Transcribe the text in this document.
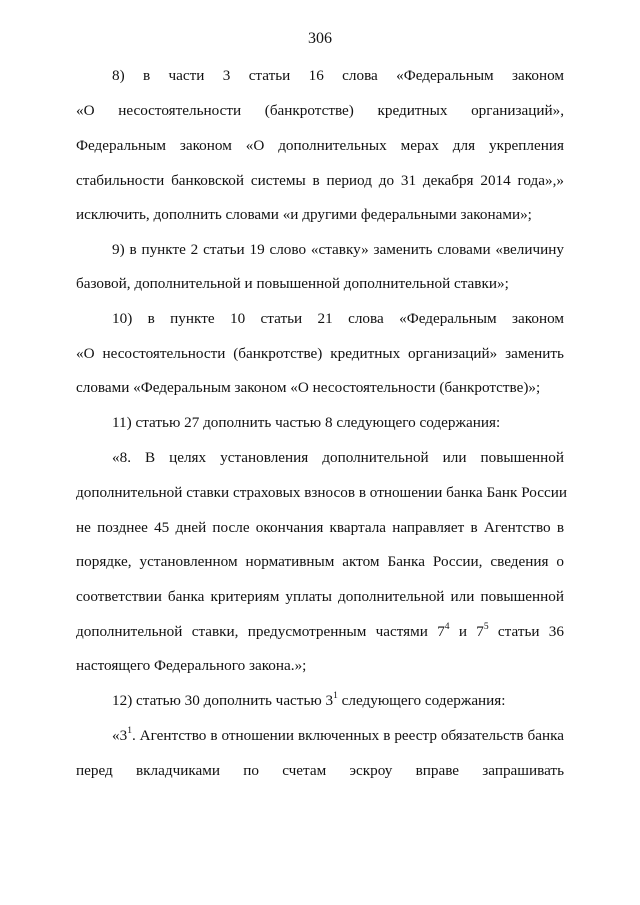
306
8) в части 3 статьи 16 слова «Федеральным законом
«О несостоятельности (банкротстве) кредитных организаций»,
Федеральным законом «О дополнительных мерах для укрепления
стабильности банковской системы в период до 31 декабря 2014 года»,»
исключить, дополнить словами «и другими федеральными законами»;
9) в пункте 2 статьи 19 слово «ставку» заменить словами «величину
базовой, дополнительной и повышенной дополнительной ставки»;
10) в пункте 10 статьи 21 слова «Федеральным законом
«О несостоятельности (банкротстве) кредитных организаций» заменить
словами «Федеральным законом «О несостоятельности (банкротстве)»;
11) статью 27 дополнить частью 8 следующего содержания:
«8. В целях установления дополнительной или повышенной
дополнительной ставки страховых взносов в отношении банка Банк России
не позднее 45 дней после окончания квартала направляет в Агентство в
порядке, установленном нормативным актом Банка России, сведения о
соответствии банка критериям уплаты дополнительной или повышенной
дополнительной ставки, предусмотренным частями $7^4$ и $7^5$ статьи 36
настоящего Федерального закона.»;
12) статью 30 дополнить частью $3^1$ следующего содержания:
«$3^1$. Агентство в отношении включенных в реестр обязательств банка
перед вкладчиками по счетам эскроу вправе запрашивать
